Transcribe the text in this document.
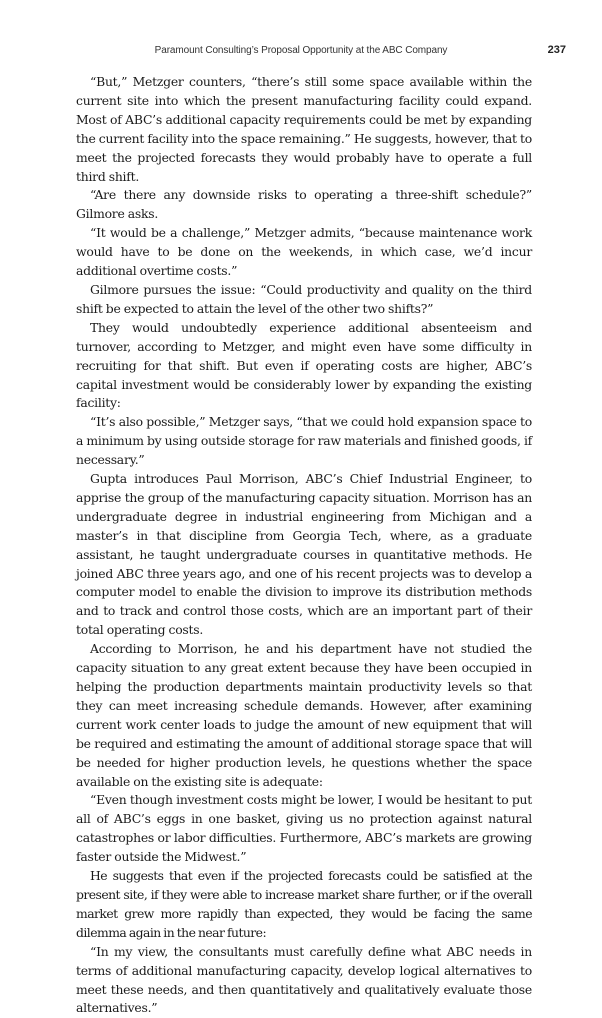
Paramount Consulting’s Proposal Opportunity at the ABC Company	237

“But,” Metzger counters, “there’s still some space available within the current site into which the present manufacturing facility could expand. Most of ABC’s additional capacity requirements could be met by expanding the current facility into the space remaining.” He suggests, however, that to meet the projected forecasts they would probably have to operate a full third shift.

“Are there any downside risks to operating a three-shift schedule?” Gilmore asks.

“It would be a challenge,” Metzger admits, “because maintenance work would have to be done on the weekends, in which case, we’d incur additional overtime costs.”

Gilmore pursues the issue: “Could productivity and quality on the third shift be expected to attain the level of the other two shifts?”

They would undoubtedly experience additional absenteeism and turnover, according to Metzger, and might even have some difficulty in recruiting for that shift. But even if operating costs are higher, ABC’s capital investment would be considerably lower by expanding the existing facility:

“It’s also possible,” Metzger says, “that we could hold expansion space to a minimum by using outside storage for raw materials and finished goods, if necessary.”

Gupta introduces Paul Morrison, ABC’s Chief Industrial Engineer, to apprise the group of the manufacturing capacity situation. Morrison has an undergraduate degree in industrial engineering from Michigan and a master’s in that discipline from Georgia Tech, where, as a graduate assistant, he taught undergraduate courses in quantitative methods. He joined ABC three years ago, and one of his recent projects was to develop a computer model to enable the division to improve its distribution methods and to track and control those costs, which are an important part of their total operating costs.

According to Morrison, he and his department have not studied the capacity situation to any great extent because they have been occupied in helping the production departments maintain productivity levels so that they can meet increasing schedule demands. However, after examining current work center loads to judge the amount of new equipment that will be required and estimating the amount of additional storage space that will be needed for higher production levels, he questions whether the space available on the existing site is adequate:

“Even though investment costs might be lower, I would be hesitant to put all of ABC’s eggs in one basket, giving us no protection against natural catastrophes or labor difficulties. Furthermore, ABC’s markets are growing faster outside the Midwest.”

He suggests that even if the projected forecasts could be satisfied at the present site, if they were able to increase market share further, or if the overall market grew more rapidly than expected, they would be facing the same dilemma again in the near future:

“In my view, the consultants must carefully define what ABC needs in terms of additional manufacturing capacity, develop logical alternatives to meet these needs, and then quantitatively and qualitatively evaluate those alternatives.”
